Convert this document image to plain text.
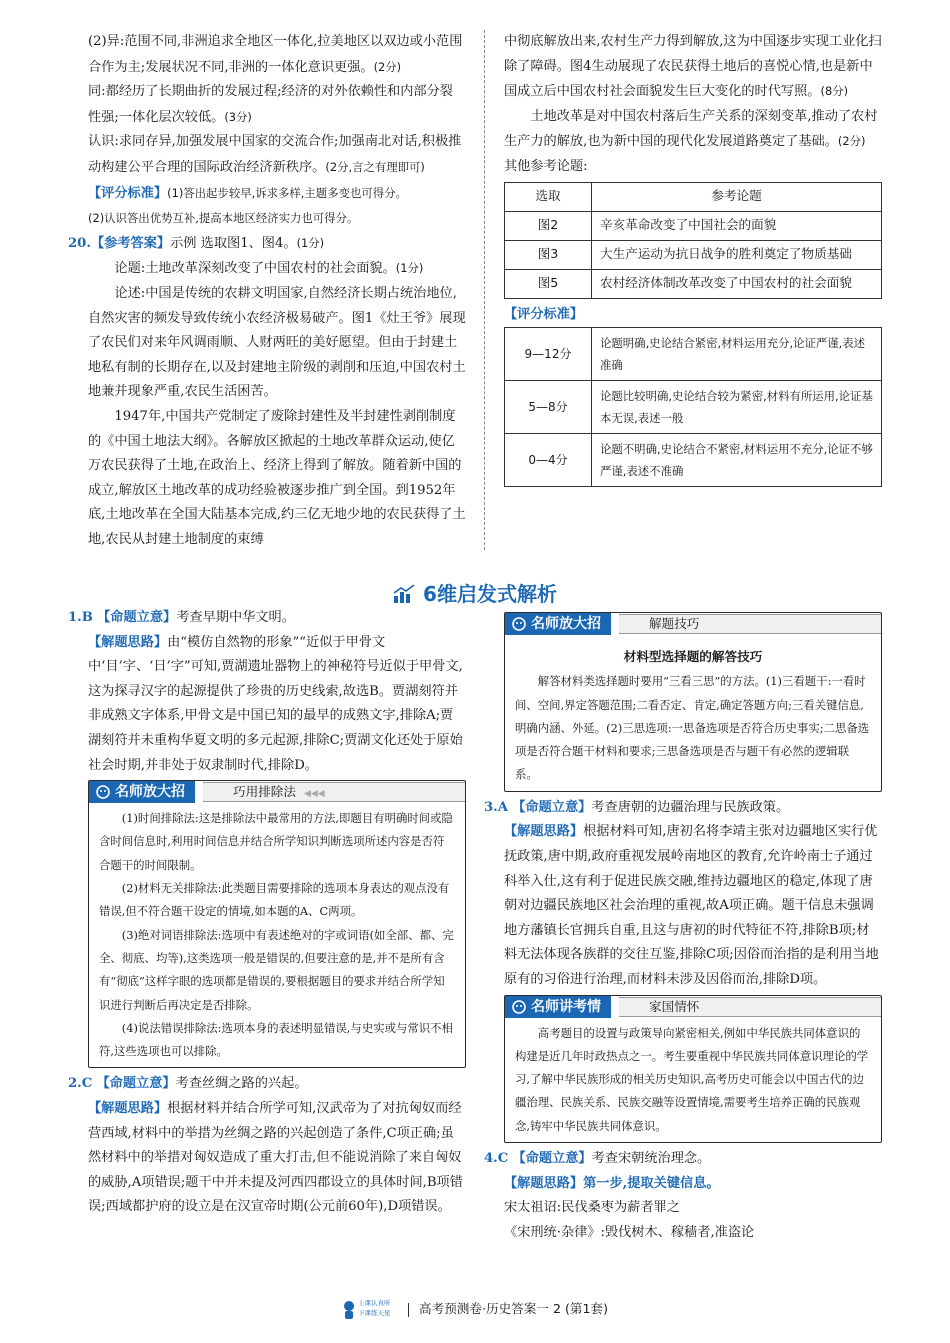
(2)异:范围不同,非洲追求全地区一体化,拉美地区以双边或小范围合作为主;发展状况不同,非洲的一体化意识更强。(2分)

同:都经历了长期曲折的发展过程;经济的对外依赖性和内部分裂性强;一体化层次较低。(3分)

认识:求同存异,加强发展中国家的交流合作;加强南北对话,积极推动构建公平合理的国际政治经济新秩序。(2分,言之有理即可)

【评分标准】(1)答出起步较早,诉求多样,主题多变也可得分。

(2)认识答出优势互补,提高本地区经济实力也可得分。

20.【参考答案】示例 选取图1、图4。(1分)

论题:土地改革深刻改变了中国农村的社会面貌。(1分)

论述:中国是传统的农耕文明国家,自然经济长期占统治地位,自然灾害的频发导致传统小农经济极易破产。图1《灶王爷》展现了农民们对来年风调雨顺、人财两旺的美好愿望。但由于封建土地私有制的长期存在,以及封建地主阶级的剥削和压迫,中国农村土地兼并现象严重,农民生活困苦。

1947年,中国共产党制定了废除封建性及半封建性剥削制度的《中国土地法大纲》。各解放区掀起的土地改革群众运动,使亿万农民获得了土地,在政治上、经济上得到了解放。随着新中国的成立,解放区土地改革的成功经验被逐步推广到全国。到1952年底,土地改革在全国大陆基本完成,约三亿无地少地的农民获得了土地,农民从封建土地制度的束缚

中彻底解放出来,农村生产力得到解放,这为中国逐步实现工业化扫除了障碍。图4生动展现了农民获得土地后的喜悦心情,也是新中国成立后中国农村社会面貌发生巨大变化的时代写照。(8分)

土地改革是对中国农村落后生产关系的深刻变革,推动了农村生产力的解放,也为新中国的现代化发展道路奠定了基础。(2分)

其他参考论题:

选取	参考论题
图2	辛亥革命改变了中国社会的面貌
图3	大生产运动为抗日战争的胜利奠定了物质基础
图5	农村经济体制改革改变了中国农村的社会面貌

【评分标准】

9—12分	论题明确,史论结合紧密,材料运用充分,论证严谨,表述准确
5—8分	论题比较明确,史论结合较为紧密,材料有所运用,论证基本无误,表述一般
0—4分	论题不明确,史论结合不紧密,材料运用不充分,论证不够严谨,表述不准确
6维启发式解析

1.B 【命题立意】考查早期中华文明。

【解题思路】由“模仿自然物的形象”“近似于甲骨文中‘目’字、‘日’字”可知,贾湖遗址器物上的神秘符号近似于甲骨文,这为探寻汉字的起源提供了珍贵的历史线索,故选B。贾湖刻符并非成熟文字体系,甲骨文是中国已知的最早的成熟文字,排除A;贾湖刻符并未重构华夏文明的多元起源,排除C;贾湖文化还处于原始社会时期,并非处于奴隶制时代,排除D。

名师放大招	巧用排除法 ◀◀◀

(1)时间排除法:这是排除法中最常用的方法,即题目有明确时间或隐含时间信息时,利用时间信息并结合所学知识判断选项所述内容是否符合题干的时间限制。

(2)材料无关排除法:此类题目需要排除的选项本身表达的观点没有错误,但不符合题干设定的情境,如本题的A、C两项。

(3)绝对词语排除法:选项中有表述绝对的字或词语(如全部、都、完全、彻底、均等),这类选项一般是错误的,但要注意的是,并不是所有含有“彻底”这样字眼的选项都是错误的,要根据题目的要求并结合所学知识进行判断后再决定是否排除。

(4)说法错误排除法:选项本身的表述明显错误,与史实或与常识不相符,这些选项也可以排除。

2.C 【命题立意】考查丝绸之路的兴起。

【解题思路】根据材料并结合所学可知,汉武帝为了对抗匈奴而经营西域,材料中的举措为丝绸之路的兴起创造了条件,C项正确;虽然材料中的举措对匈奴造成了重大打击,但不能说消除了来自匈奴的威胁,A项错误;题干中并未提及河西四郡设立的具体时间,B项错误;西域都护府的设立是在汉宣帝时期(公元前60年),D项错误。

名师放大招	解题技巧

材料型选择题的解答技巧

解答材料类选择题时要用“三看三思”的方法。(1)三看题干:一看时间、空间,界定答题范围;二看否定、肯定,确定答题方向;三看关键信息,明确内涵、外延。(2)三思选项:一思备选项是否符合历史事实;二思备选项是否符合题干材料和要求;三思备选项是否与题干有必然的逻辑联系。

3.A 【命题立意】考查唐朝的边疆治理与民族政策。

【解题思路】根据材料可知,唐初名将李靖主张对边疆地区实行优抚政策,唐中期,政府重视发展岭南地区的教育,允许岭南士子通过科举入仕,这有利于促进民族交融,维持边疆地区的稳定,体现了唐朝对边疆民族地区社会治理的重视,故A项正确。题干信息未强调地方藩镇长官拥兵自重,且这与唐初的时代特征不符,排除B项;材料无法体现各族群的交往互鉴,排除C项;因俗而治指的是利用当地原有的习俗进行治理,而材料未涉及因俗而治,排除D项。

名师讲考情	家国情怀

高考题目的设置与政策导向紧密相关,例如中华民族共同体意识的构建是近几年时政热点之一。考生要重视中华民族共同体意识理论的学习,了解中华民族形成的相关历史知识,高考历史可能会以中国古代的边疆治理、民族关系、民族交融等设置情境,需要考生培养正确的民族观念,铸牢中华民族共同体意识。

4.C 【命题立意】考查宋朝统治理念。

【解题思路】第一步,提取关键信息。

宋太祖诏:民伐桑枣为薪者罪之

《宋刑统·杂律》:毁伐树木、稼穑者,准盗论

上课认真听
下课练天星 高考预测卷·历史答案一 2 (第1套)
